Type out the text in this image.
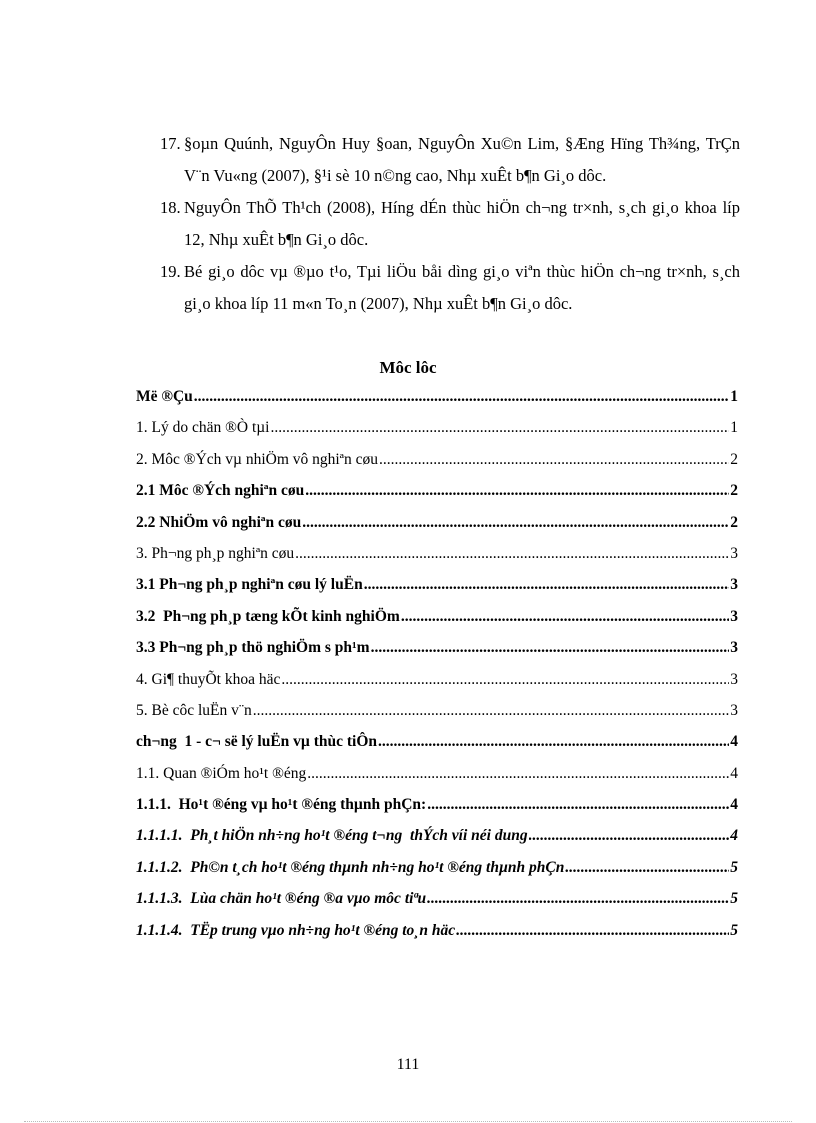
17. §oµn Quúnh, NguyÔn Huy §oan, NguyÔn Xu©n Lim, §Æng Hïng Th¾ng, TrÇn V¨n Vu«ng (2007), §¹i sè 10 n©ng cao, Nhµ xuÊt b¶n Gi¸o dôc.
18. NguyÔn ThÕ Th¹ch (2008), Híng dÉn thùc hiÖn ch¬ng tr×nh, s¸ch gi¸o khoa líp 12, Nhµ xuÊt b¶n Gi¸o dôc.
19. Bé gi¸o dôc vµ ®µo t¹o, Tµi liÖu båi dìng gi¸o viªn thùc hiÖn ch¬ng tr×nh, s¸ch gi¸o khoa líp 11 m«n To¸n (2007), Nhµ xuÊt b¶n Gi¸o dôc.
Môc lôc
Më ®Çu .....	1
1. Lý do chän ®Ò tµi .....	1
2. Môc ®Ých vµ nhiÖm vô nghiªn cøu .....	2
2.1 Môc ®Ých nghiªn cøu .....	2
2.2 NhiÖm vô nghiªn cøu .....	2
3. Ph¬ng ph¸p nghiªn cøu .....	3
3.1 Ph¬ng ph¸p nghiªn cøu lý luËn .....	3
3.2  Ph¬ng ph¸p tæng kÕt kinh nghiÖm .....	3
3.3 Ph¬ng ph¸p thö nghiÖm s ph¹m .....	3
4. Gi¶ thuyÕt khoa häc .....	3
5. Bè côc luËn v¨n .....	3
ch¬ng  1 - c¬ së lý luËn vµ thùc tiÔn .....	4
1.1. Quan ®iÓm ho¹t ®éng .....	4
1.1.1.  Ho¹t ®éng vµ ho¹t ®éng thµnh phÇn: .....	4
1.1.1.1.  Ph¸t hiÖn nh÷ng ho¹t ®éng t¬ng  thÝch víi néi dung .....	4
1.1.1.2.  Ph©n t¸ch ho¹t ®éng thµnh nh÷ng ho¹t ®éng thµnh phÇn .....	5
1.1.1.3.  Lùa chän ho¹t ®éng ®a vµo môc tiªu .....	5
1.1.1.4.  TËp trung vµo nh÷ng ho¹t ®éng to¸n häc .....	5
111
